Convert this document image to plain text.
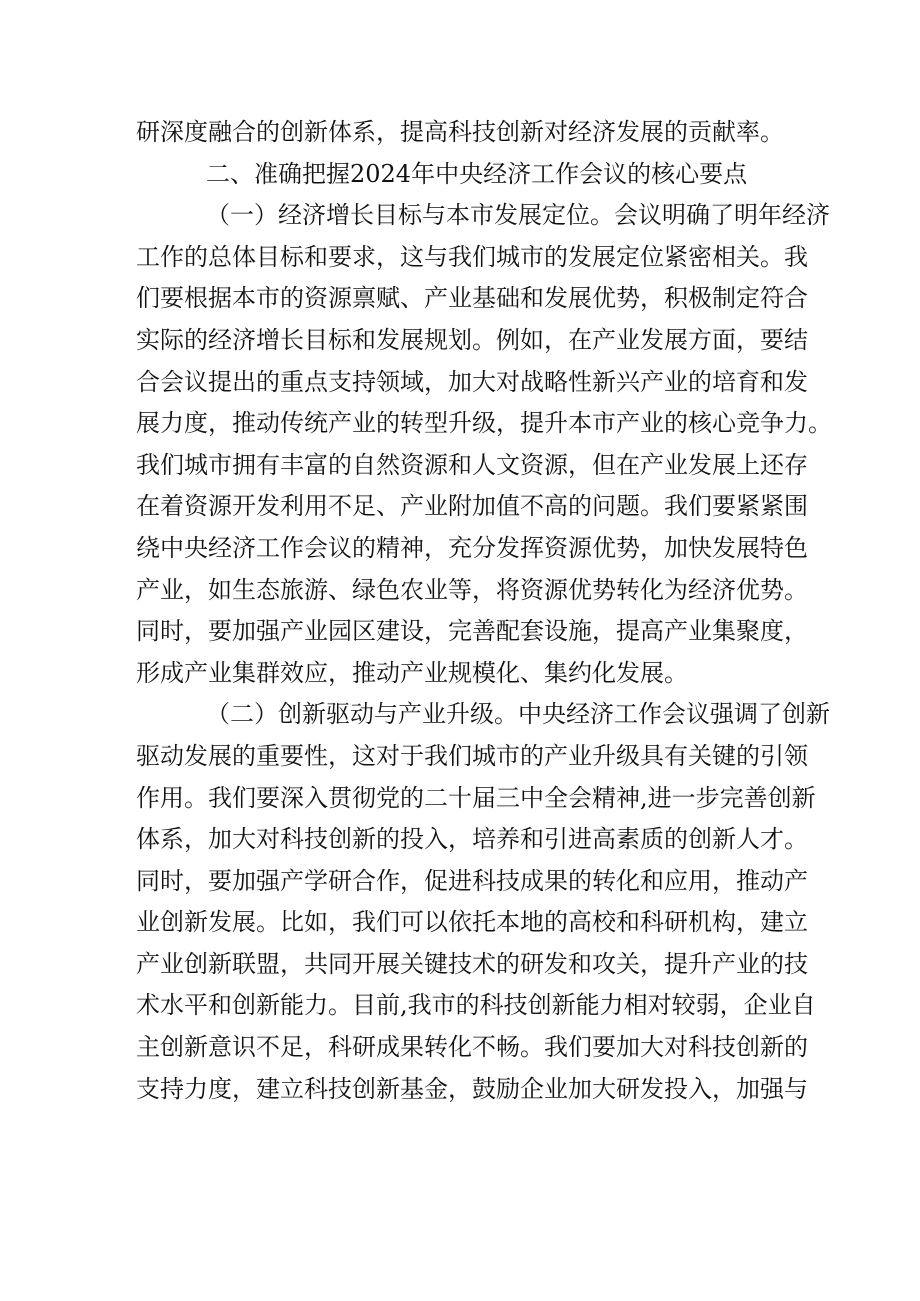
研深度融合的创新体系，提高科技创新对经济发展的贡献率。
二、准确把握2024年中央经济工作会议的核心要点
（一）经济增长目标与本市发展定位。会议明确了明年经济
工作的总体目标和要求，这与我们城市的发展定位紧密相关。我
们要根据本市的资源禀赋、产业基础和发展优势，积极制定符合
实际的经济增长目标和发展规划。例如，在产业发展方面，要结
合会议提出的重点支持领域，加大对战略性新兴产业的培育和发
展力度，推动传统产业的转型升级，提升本市产业的核心竞争力。
我们城市拥有丰富的自然资源和人文资源，但在产业发展上还存
在着资源开发利用不足、产业附加值不高的问题。我们要紧紧围
绕中央经济工作会议的精神，充分发挥资源优势，加快发展特色
产业，如生态旅游、绿色农业等，将资源优势转化为经济优势。
同时，要加强产业园区建设，完善配套设施，提高产业集聚度，
形成产业集群效应，推动产业规模化、集约化发展。
（二）创新驱动与产业升级。中央经济工作会议强调了创新
驱动发展的重要性，这对于我们城市的产业升级具有关键的引领
作用。我们要深入贯彻党的二十届三中全会精神,进一步完善创新
体系，加大对科技创新的投入，培养和引进高素质的创新人才。
同时，要加强产学研合作，促进科技成果的转化和应用，推动产
业创新发展。比如，我们可以依托本地的高校和科研机构，建立
产业创新联盟，共同开展关键技术的研发和攻关，提升产业的技
术水平和创新能力。目前,我市的科技创新能力相对较弱，企业自
主创新意识不足，科研成果转化不畅。我们要加大对科技创新的
支持力度，建立科技创新基金，鼓励企业加大研发投入，加强与
